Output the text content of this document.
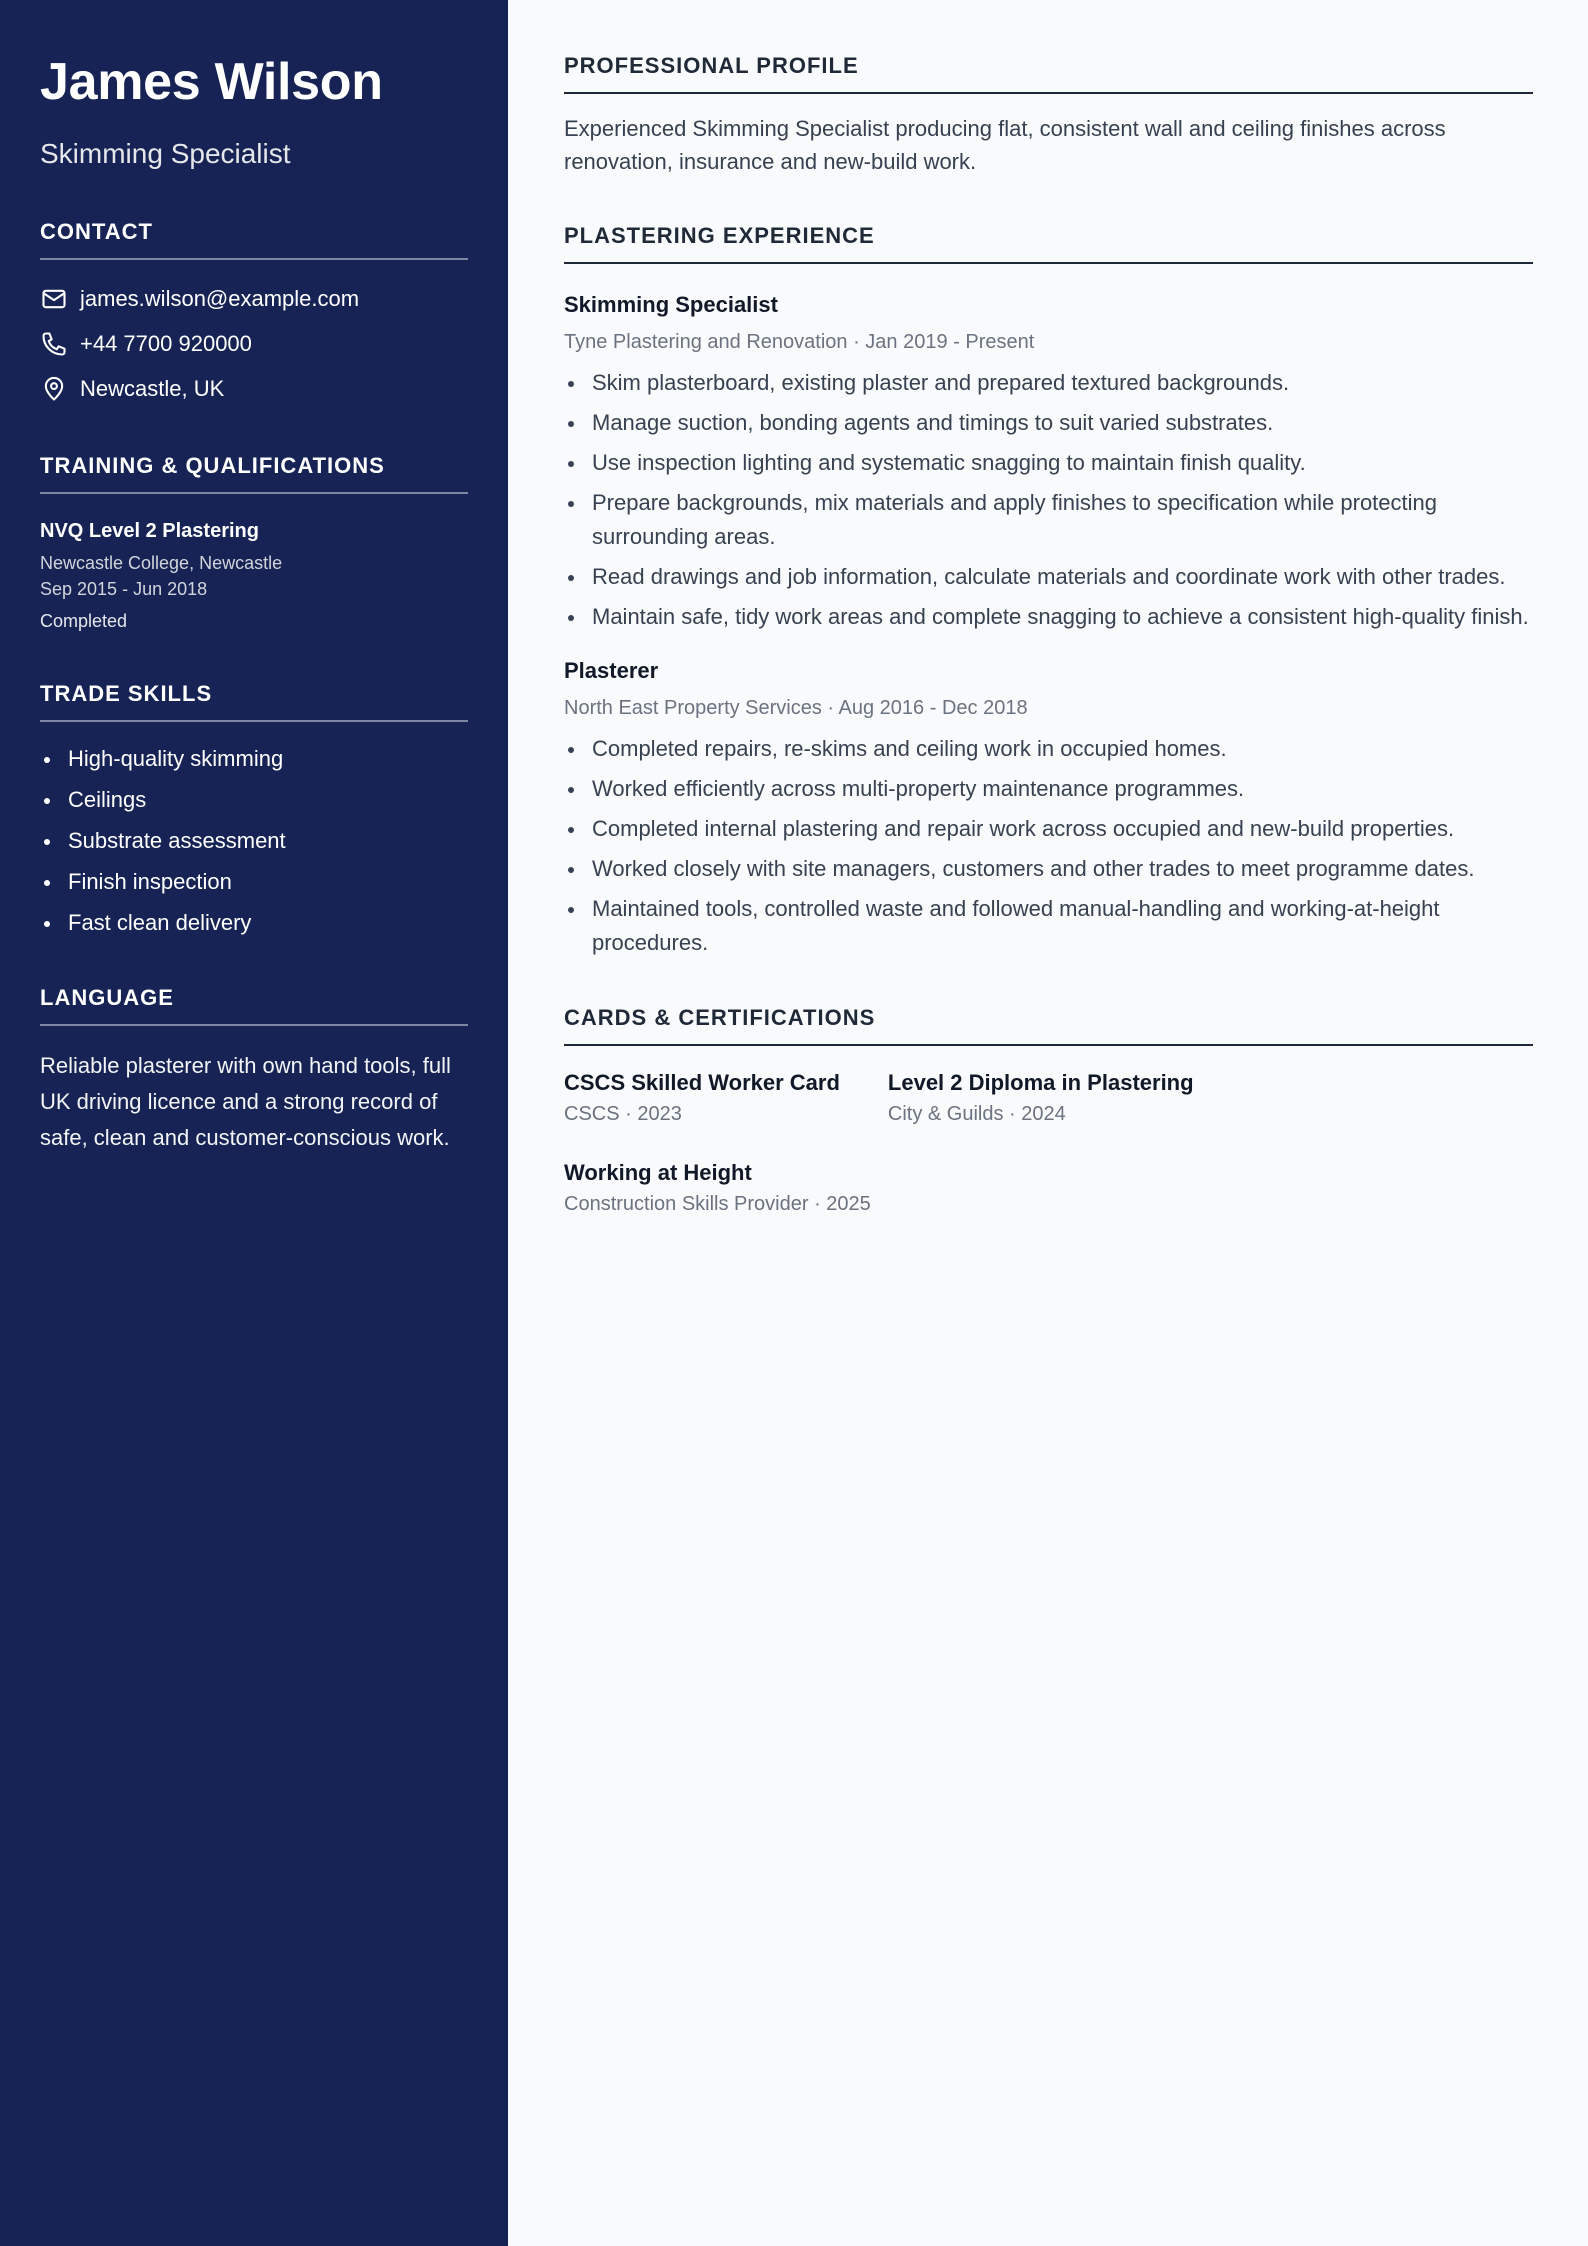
James Wilson
Skimming Specialist
CONTACT
james.wilson@example.com
+44 7700 920000
Newcastle, UK
TRAINING & QUALIFICATIONS
NVQ Level 2 Plastering
Newcastle College, Newcastle
Sep 2015 - Jun 2018
Completed
TRADE SKILLS
High-quality skimming
Ceilings
Substrate assessment
Finish inspection
Fast clean delivery
LANGUAGE
Reliable plasterer with own hand tools, full UK driving licence and a strong record of safe, clean and customer-conscious work.
PROFESSIONAL PROFILE
Experienced Skimming Specialist producing flat, consistent wall and ceiling finishes across renovation, insurance and new-build work.
PLASTERING EXPERIENCE
Skimming Specialist
Tyne Plastering and Renovation · Jan 2019 - Present
Skim plasterboard, existing plaster and prepared textured backgrounds.
Manage suction, bonding agents and timings to suit varied substrates.
Use inspection lighting and systematic snagging to maintain finish quality.
Prepare backgrounds, mix materials and apply finishes to specification while protecting surrounding areas.
Read drawings and job information, calculate materials and coordinate work with other trades.
Maintain safe, tidy work areas and complete snagging to achieve a consistent high-quality finish.
Plasterer
North East Property Services · Aug 2016 - Dec 2018
Completed repairs, re-skims and ceiling work in occupied homes.
Worked efficiently across multi-property maintenance programmes.
Completed internal plastering and repair work across occupied and new-build properties.
Worked closely with site managers, customers and other trades to meet programme dates.
Maintained tools, controlled waste and followed manual-handling and working-at-height procedures.
CARDS & CERTIFICATIONS
CSCS Skilled Worker Card
CSCS · 2023
Level 2 Diploma in Plastering
City & Guilds · 2024
Working at Height
Construction Skills Provider · 2025
